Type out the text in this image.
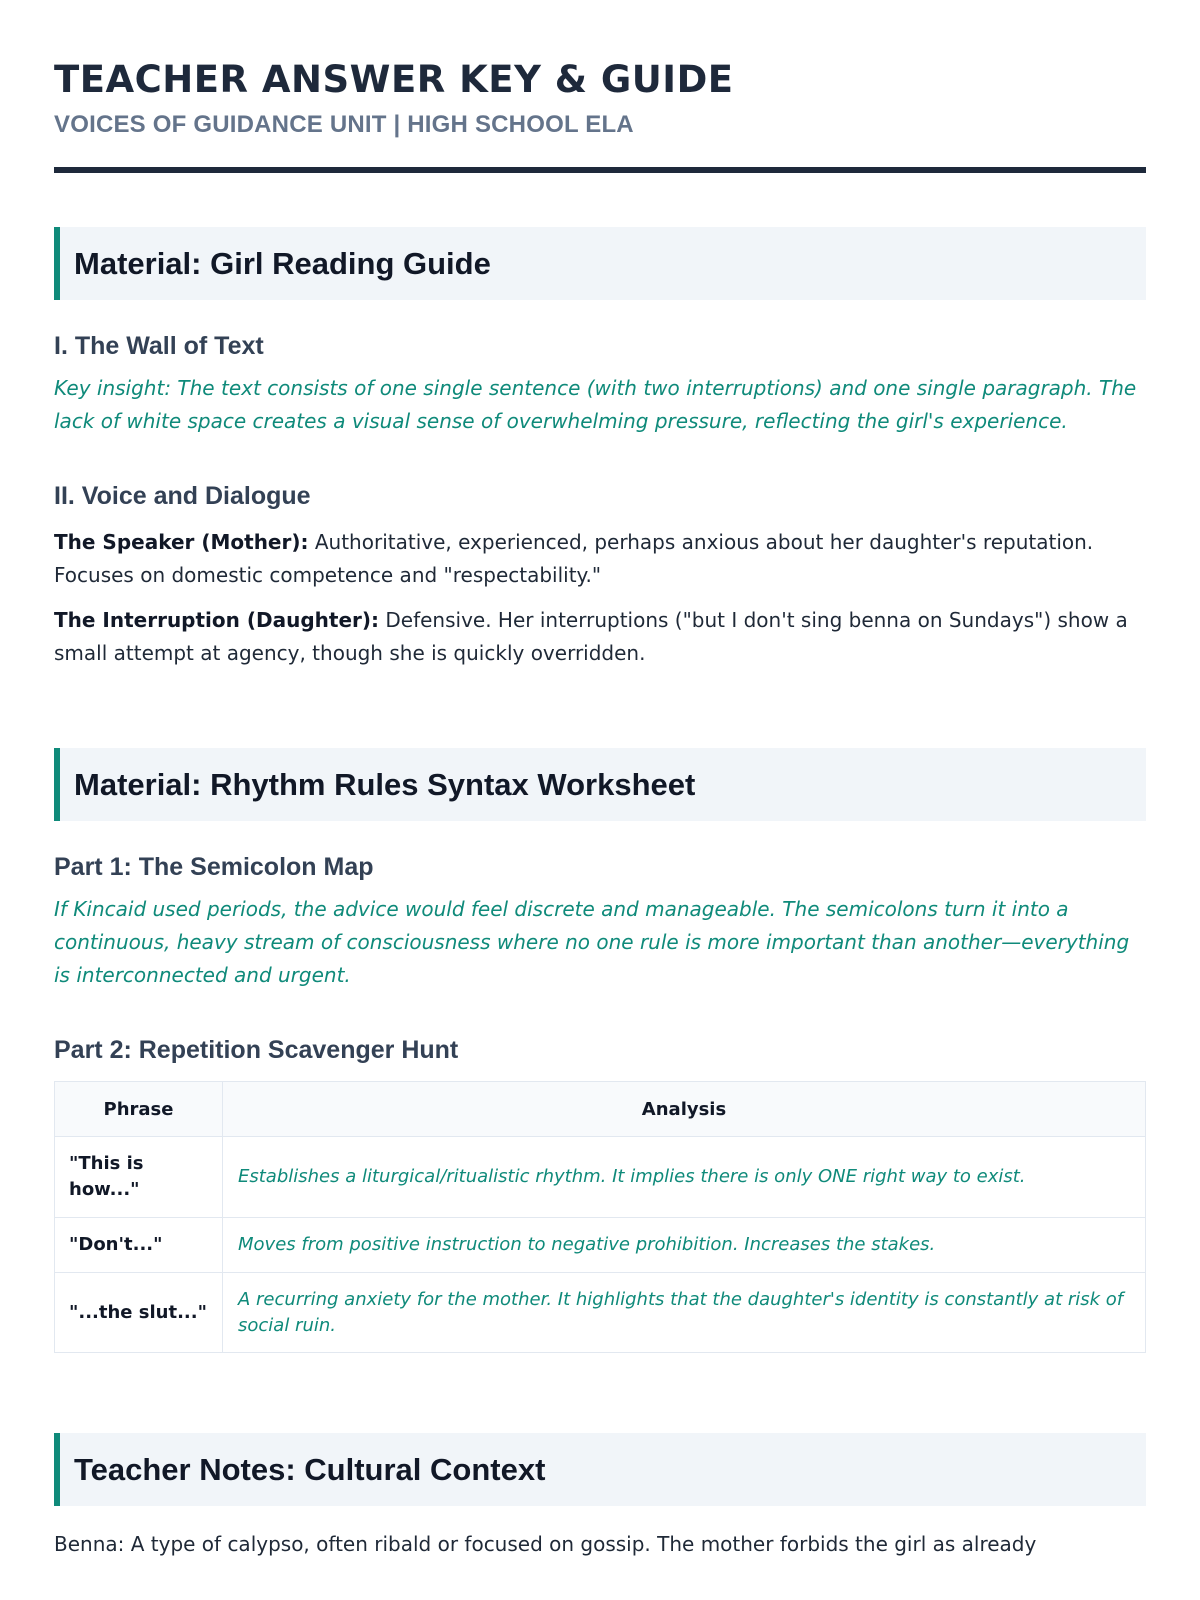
TEACHER ANSWER KEY & GUIDE
VOICES OF GUIDANCE UNIT | HIGH SCHOOL ELA
Material: Girl Reading Guide
I. The Wall of Text

Key insight: The text consists of one single sentence (with two interruptions) and one single paragraph. The lack of white space creates a visual sense of overwhelming pressure, reflecting the girl's experience.

II. Voice and Dialogue

The Speaker (Mother): Authoritative, experienced, perhaps anxious about her daughter's reputation. Focuses on domestic competence and "respectability."

The Interruption (Daughter): Defensive. Her interruptions ("but I don't sing benna on Sundays") show a small attempt at agency, though she is quickly overridden.

Material: Rhythm Rules Syntax Worksheet
Part 1: The Semicolon Map

If Kincaid used periods, the advice would feel discrete and manageable. The semicolons turn it into a continuous, heavy stream of consciousness where no one rule is more important than another—everything is interconnected and urgent.

Part 2: Repetition Scavenger Hunt
Phrase	Analysis
"This is how..."	Establishes a liturgical/ritualistic rhythm. It implies there is only ONE right way to exist.
"Don't..."	Moves from positive instruction to negative prohibition. Increases the stakes.
"...the slut..."	A recurring anxiety for the mother. It highlights that the daughter's identity is constantly at risk of social ruin.
Teacher Notes: Cultural Context

Benna: A type of calypso, often ribald or focused on gossip. The mother forbids the girl as already
